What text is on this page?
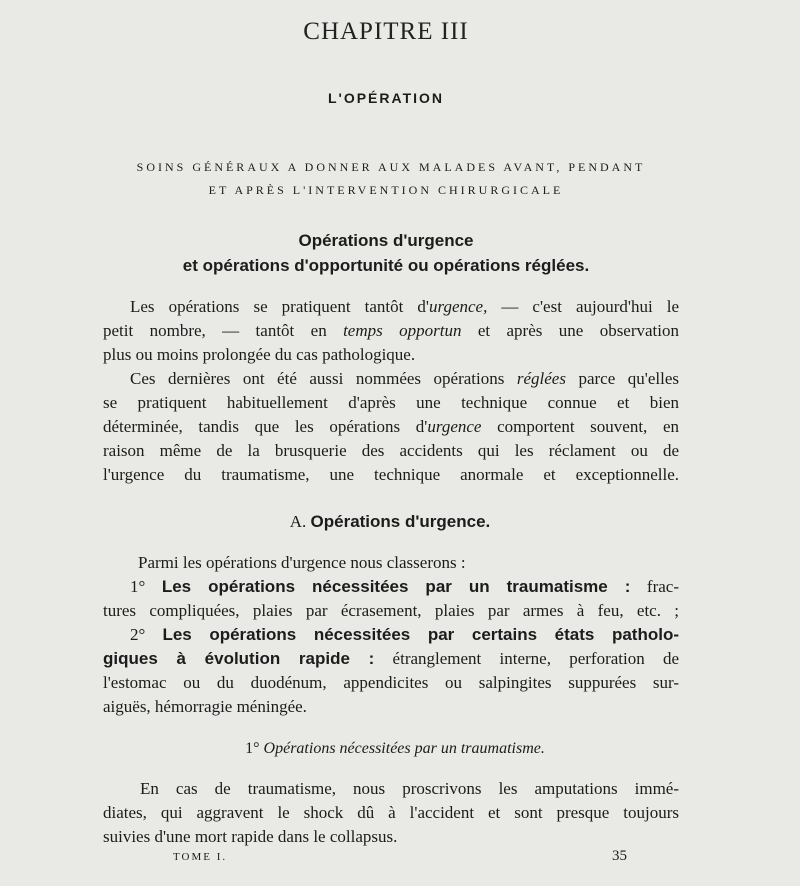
CHAPITRE III
L'OPÉRATION
SOINS GÉNÉRAUX A DONNER AUX MALADES AVANT, PENDANT
ET APRÈS L'INTERVENTION CHIRURGICALE
Opérations d'urgence
et opérations d'opportunité ou opérations réglées.
Les opérations se pratiquent tantôt d'urgence, — c'est aujourd'hui le
petit nombre, — tantôt en temps opportun et après une observation
plus ou moins prolongée du cas pathologique.
Ces dernières ont été aussi nommées opérations réglées parce qu'elles
se pratiquent habituellement d'après une technique connue et bien
déterminée, tandis que les opérations d'urgence comportent souvent, en
raison même de la brusquerie des accidents qui les réclament ou de
l'urgence du traumatisme, une technique anormale et exceptionnelle.
A. Opérations d'urgence.
Parmi les opérations d'urgence nous classerons :
1° Les opérations nécessitées par un traumatisme : frac-
tures compliquées, plaies par écrasement, plaies par armes à feu, etc. ;
2° Les opérations nécessitées par certains états patholo-
giques à évolution rapide : étranglement interne, perforation de
l'estomac ou du duodénum, appendicites ou salpingites suppurées sur-
aiguës, hémorragie méningée.
1° Opérations nécessitées par un traumatisme.
En cas de traumatisme, nous proscrivons les amputations immé-
diates, qui aggravent le shock dû à l'accident et sont presque toujours
suivies d'une mort rapide dans le collapsus.
TOME I.	35
